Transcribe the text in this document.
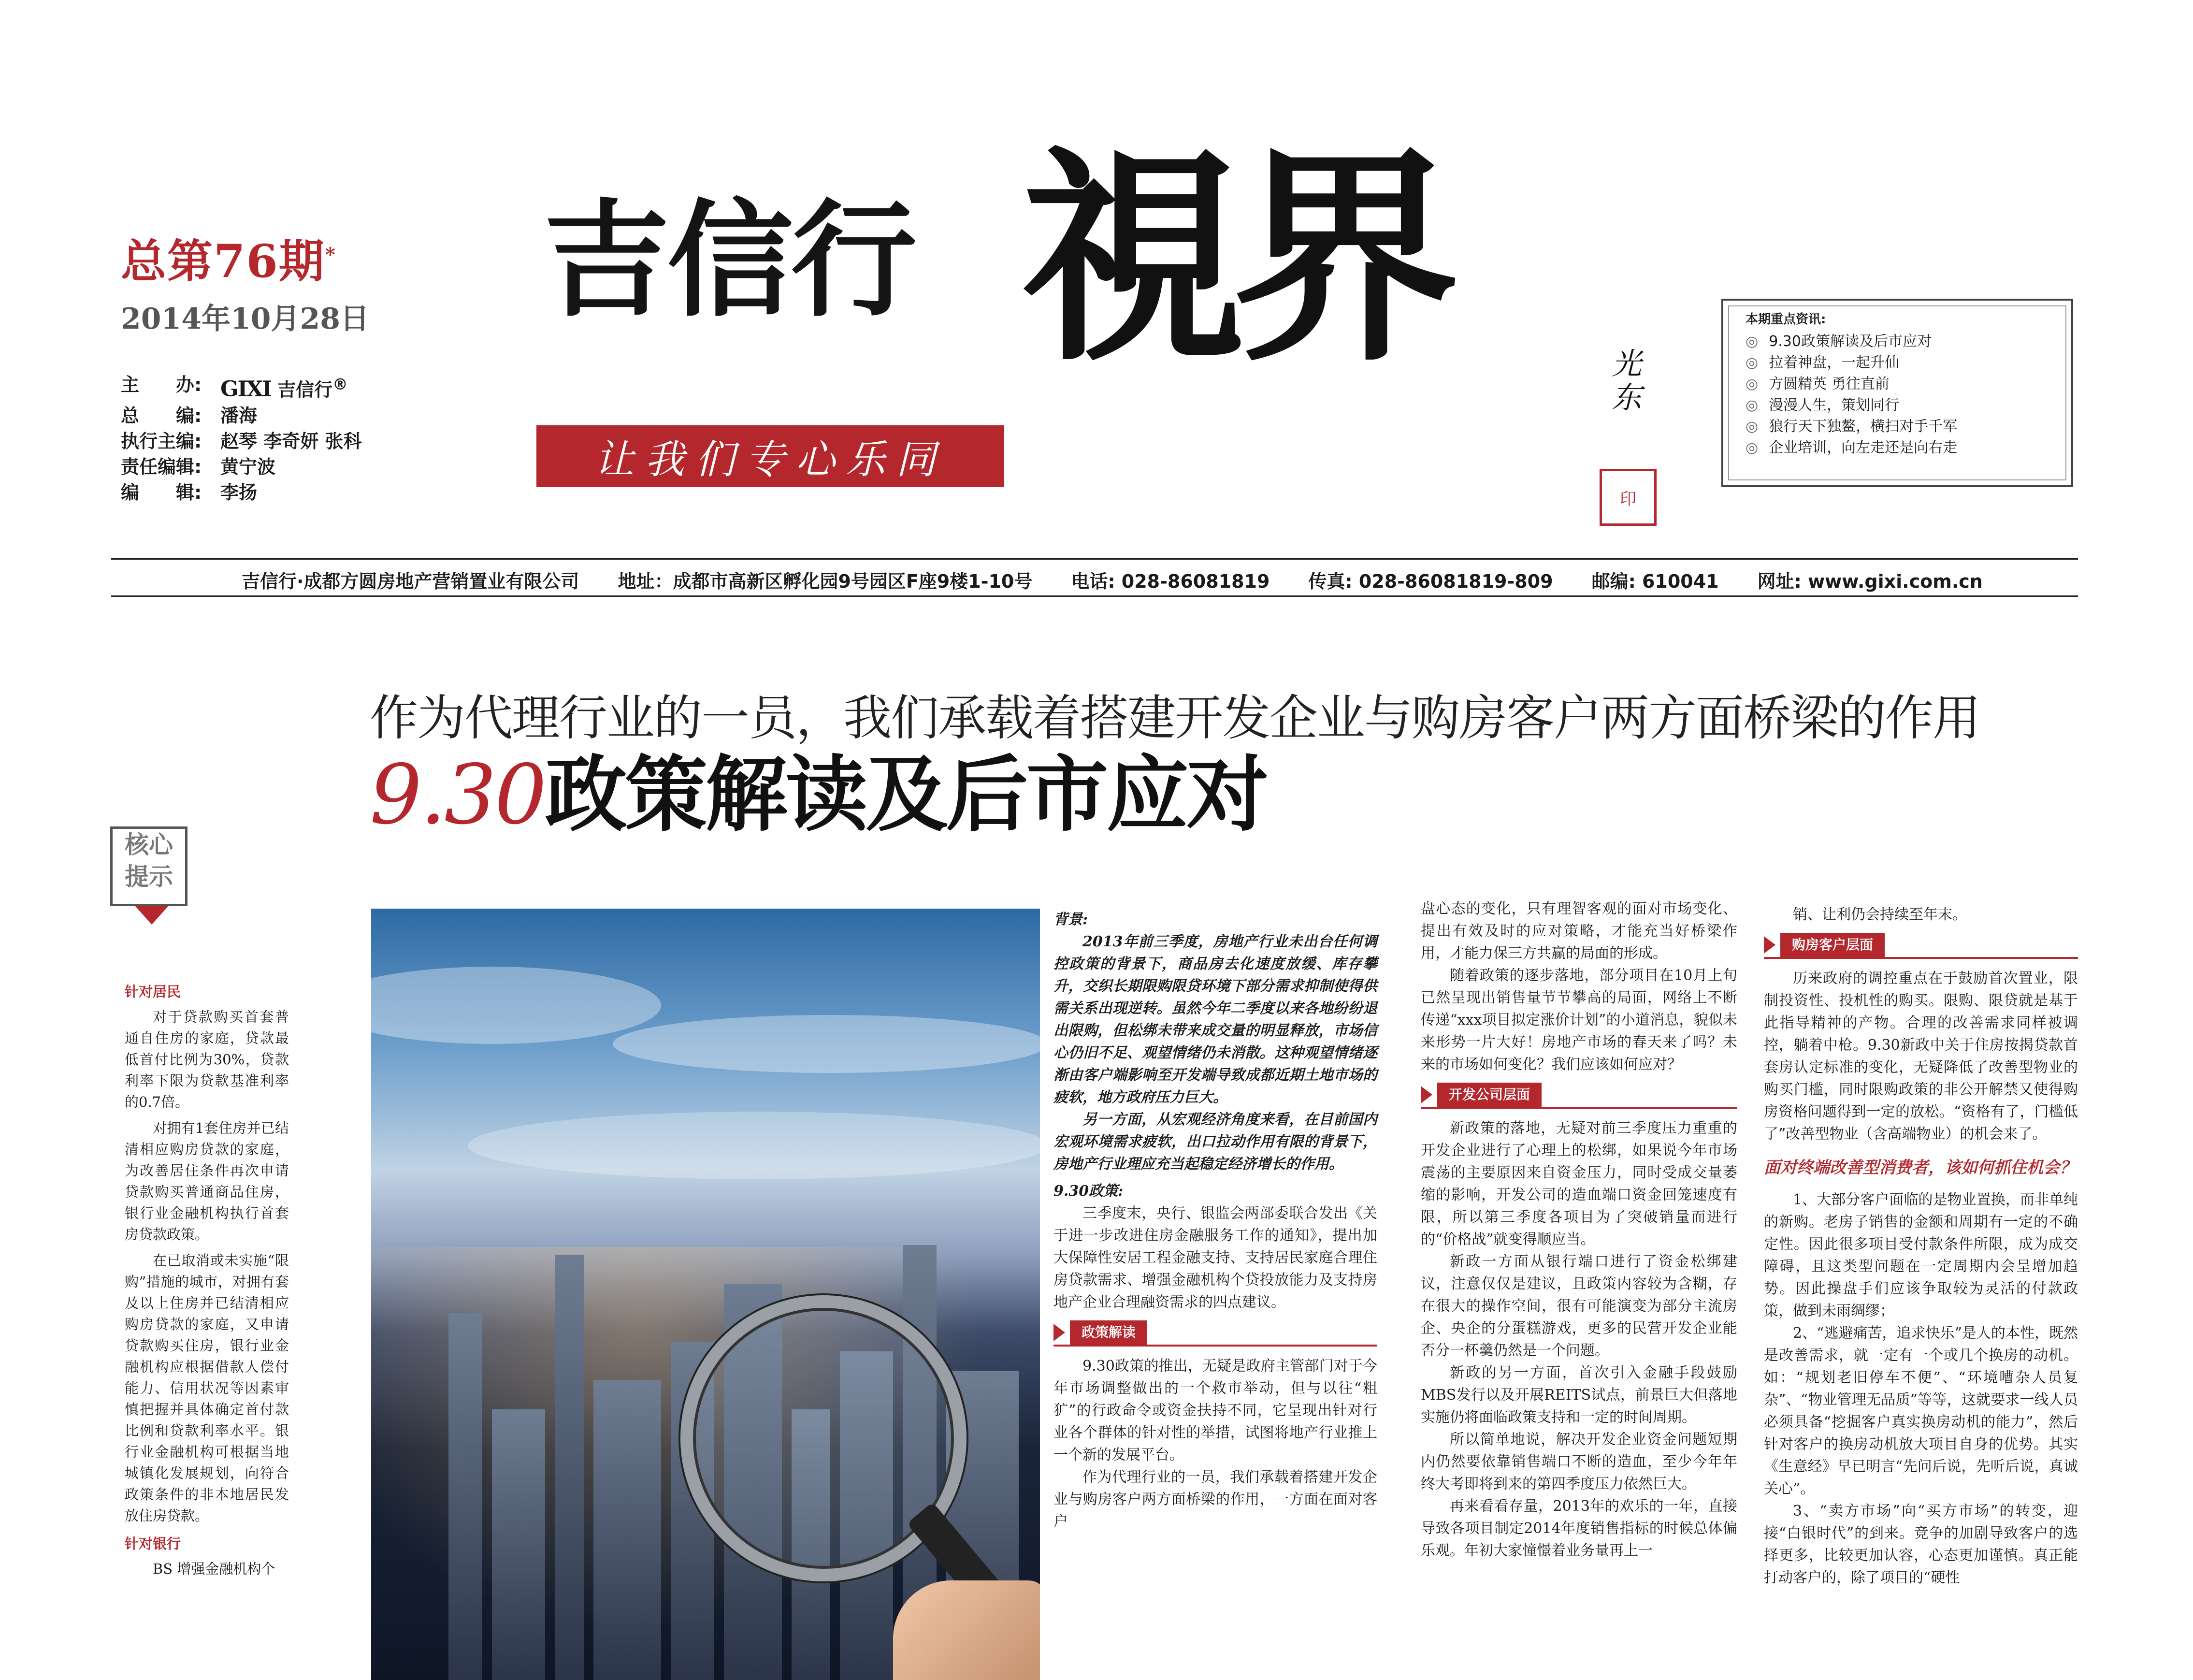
总第76期*
2014年10月28日
主　　办: GIXI 吉信行®
总　　编:	潘海
执行主编:	赵琴 李奇妍 张科
责任编辑:	黄宁波
编　　辑:	李扬
吉信行 視界
让我们专心乐同
光东
印
本期重点资讯:
◎ 9.30政策解读及后市应对
◎ 拉着神盘，一起升仙
◎ 方圆精英 勇往直前
◎ 漫漫人生，策划同行
◎ 狼行天下独鳌，横扫对手千军
◎ 企业培训，向左走还是向右走
吉信行·成都方圆房地产营销置业有限公司 地址：成都市高新区孵化园9号园区F座9楼1-10号 电话: 028-86081819 传真: 028-86081819-809 邮编: 610041 网址: www.gixi.com.cn
作为代理行业的一员，我们承载着搭建开发企业与购房客户两方面桥梁的作用
9.30政策解读及后市应对
核心
提示

针对居民

对于贷款购买首套普通自住房的家庭，贷款最低首付比例为30%，贷款利率下限为贷款基准利率的0.7倍。

对拥有1套住房并已结清相应购房贷款的家庭，为改善居住条件再次申请贷款购买普通商品住房，银行业金融机构执行首套房贷款政策。

在已取消或未实施“限购”措施的城市，对拥有套及以上住房并已结清相应购房贷款的家庭，又申请贷款购买住房，银行业金融机构应根据借款人偿付能力、信用状况等因素审慎把握并具体确定首付款比例和贷款利率水平。银行业金融机构可根据当地城镇化发展规划，向符合政策条件的非本地居民发放住房贷款。

针对银行

BS 增强金融机构个

背景:

2013年前三季度，房地产行业未出台任何调控政策的背景下，商品房去化速度放缓、库存攀升，交织长期限购限贷环境下部分需求抑制使得供需关系出现逆转。虽然今年二季度以来各地纷纷退出限购，但松绑未带来成交量的明显释放，市场信心仍旧不足、观望情绪仍未消散。这种观望情绪逐渐由客户端影响至开发端导致成都近期土地市场的疲软，地方政府压力巨大。

另一方面，从宏观经济角度来看，在目前国内宏观环境需求疲软，出口拉动作用有限的背景下，房地产行业理应充当起稳定经济增长的作用。

9.30政策:

三季度末，央行、银监会两部委联合发出《关于进一步改进住房金融服务工作的通知》，提出加大保障性安居工程金融支持、支持居民家庭合理住房贷款需求、增强金融机构个贷投放能力及支持房地产企业合理融资需求的四点建议。

政策解读

9.30政策的推出，无疑是政府主管部门对于今年市场调整做出的一个救市举动，但与以往“粗犷”的行政命令或资金扶持不同，它呈现出针对行业各个群体的针对性的举措，试图将地产行业推上一个新的发展平台。

作为代理行业的一员，我们承载着搭建开发企业与购房客户两方面桥梁的作用，一方面在面对客户

盘心态的变化，只有理智客观的面对市场变化、提出有效及时的应对策略，才能充当好桥梁作用，才能力保三方共赢的局面的形成。

随着政策的逐步落地，部分项目在10月上旬已然呈现出销售量节节攀高的局面，网络上不断传递“xxx项目拟定涨价计划”的小道消息，貌似未来形势一片大好！房地产市场的春天来了吗？未来的市场如何变化？我们应该如何应对？

开发公司层面

新政策的落地，无疑对前三季度压力重重的开发企业进行了心理上的松绑，如果说今年市场震荡的主要原因来自资金压力，同时受成交量萎缩的影响，开发公司的造血端口资金回笼速度有限，所以第三季度各项目为了突破销量而进行的“价格战”就变得顺应当。

新政一方面从银行端口进行了资金松绑建议，注意仅仅是建议，且政策内容较为含糊，存在很大的操作空间，很有可能演变为部分主流房企、央企的分蛋糕游戏，更多的民营开发企业能否分一杯羹仍然是一个问题。

新政的另一方面，首次引入金融手段鼓励MBS发行以及开展REITS试点，前景巨大但落地实施仍将面临政策支持和一定的时间周期。

所以简单地说，解决开发企业资金问题短期内仍然要依靠销售端口不断的造血，至少今年年终大考即将到来的第四季度压力依然巨大。

再来看看存量，2013年的欢乐的一年，直接导致各项目制定2014年度销售指标的时候总体偏乐观。年初大家憧憬着业务量再上一

销、让利仍会持续至年末。

购房客户层面

历来政府的调控重点在于鼓励首次置业，限制投资性、投机性的购买。限购、限贷就是基于此指导精神的产物。合理的改善需求同样被调控，躺着中枪。9.30新政中关于住房按揭贷款首套房认定标准的变化，无疑降低了改善型物业的购买门槛，同时限购政策的非公开解禁又使得购房资格问题得到一定的放松。“资格有了，门槛低了”改善型物业（含高端物业）的机会来了。

面对终端改善型消费者，该如何抓住机会？

1、大部分客户面临的是物业置换，而非单纯的新购。老房子销售的金额和周期有一定的不确定性。因此很多项目受付款条件所限，成为成交障碍，且这类型问题在一定周期内会呈增加趋势。因此操盘手们应该争取较为灵活的付款政策，做到未雨绸缪；

2、“逃避痛苦，追求快乐”是人的本性，既然是改善需求，就一定有一个或几个换房的动机。如：“规划老旧停车不便”、“环境嘈杂人员复杂”、“物业管理无品质”等等，这就要求一线人员必须具备“挖掘客户真实换房动机的能力”，然后针对客户的换房动机放大项目自身的优势。其实《生意经》早已明言“先问后说，先听后说，真诚关心”。

3、“卖方市场”向“买方市场”的转变，迎接“白银时代”的到来。竞争的加剧导致客户的选择更多，比较更加认容，心态更加谨慎。真正能打动客户的，除了项目的“硬性
